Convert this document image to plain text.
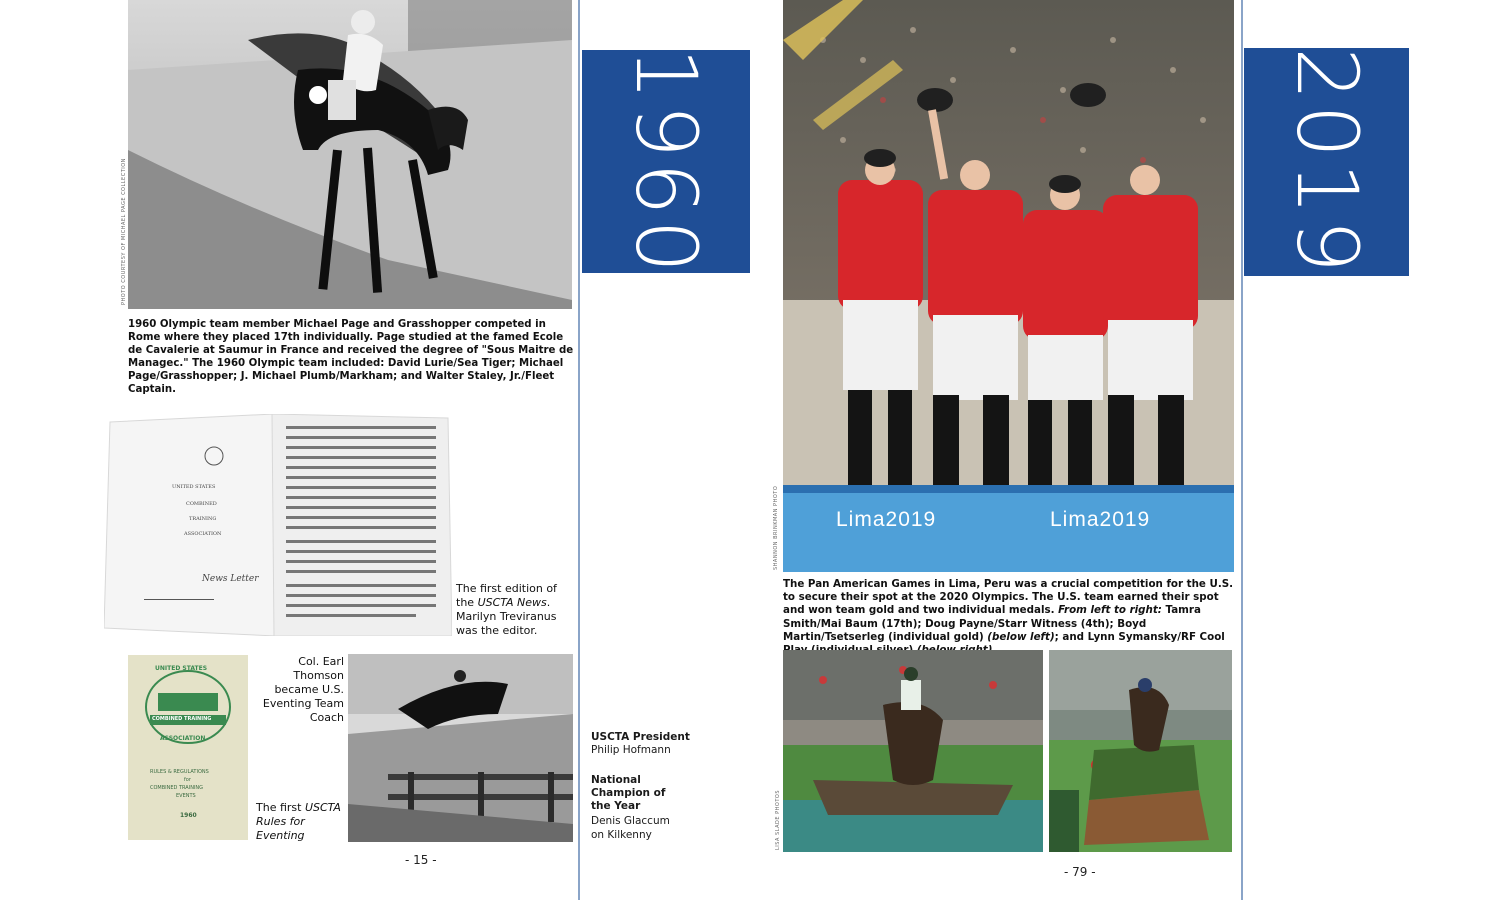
PHOTO COURTESY OF MICHAEL PAGE COLLECTION	1960
1960 Olympic team member Michael Page and Grasshopper competed in Rome where they placed 17th individually. Page studied at the famed Ecole de Cavalerie at Saumur in France and received the degree of "Sous Maitre de Managec." The 1960 Olympic team included: David Lurie/Sea Tiger; Michael Page/Grasshopper; J. Michael Plumb/Markham; and Walter Staley, Jr./Fleet Captain.
UNITED STATES
COMBINED
TRAINING
ASSOCIATION
News Letter
The first edition of the USCTA News. Marilyn Treviranus was the editor.
UNITED STATES
COMBINED TRAINING
ASSOCIATION
RULES & REGULATIONS
for
COMBINED TRAINING
EVENTS
1960
Col. Earl Thomson became U.S. Eventing Team Coach
The first USCTA Rules for Eventing
USCTA President
Philip Hofmann
National Champion of the Year
Denis Glaccum
on Kilkenny
- 15 -
Lima2019	Lima2019
SHANNON BRINKMAN PHOTO
2019
The Pan American Games in Lima, Peru was a crucial competition for the U.S. to secure their spot at the 2020 Olympics. The U.S. team earned their spot and won team gold and two individual medals. From left to right: Tamra Smith/Mai Baum (17th); Doug Payne/Starr Witness (4th); Boyd Martin/Tsetserleg (individual gold) (below left); and Lynn Symansky/RF Cool
LISA SLADE PHOTOS
- 79 -
